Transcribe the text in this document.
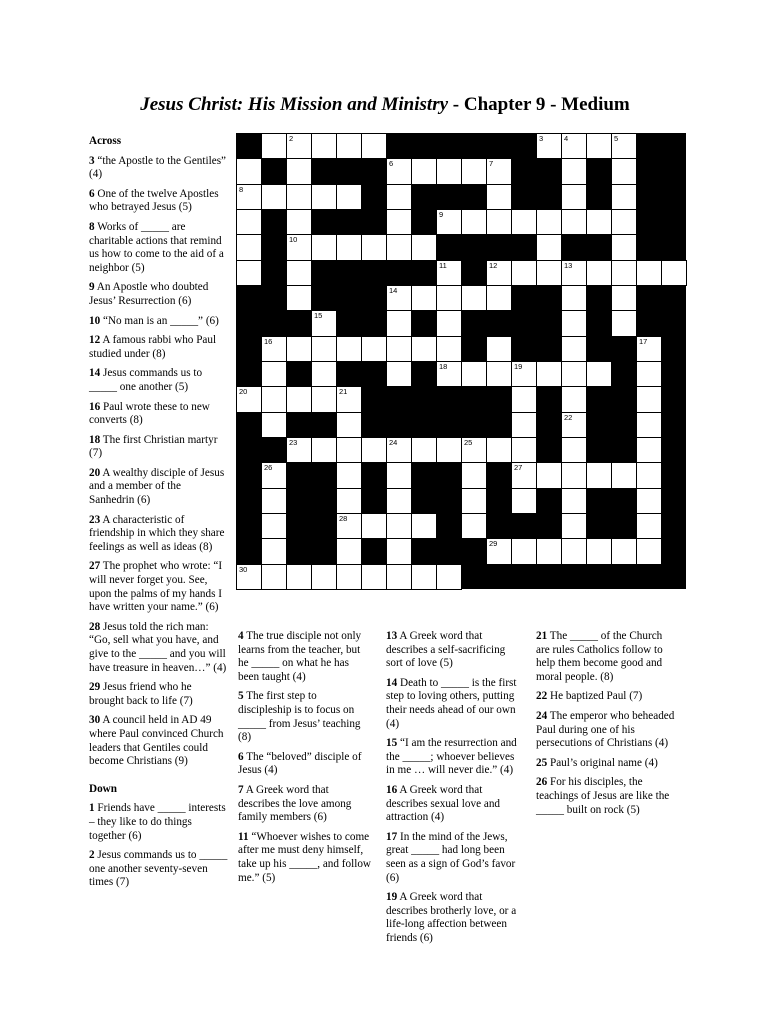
Jesus Christ: His Mission and Ministry - Chapter 9 - Medium
Across
3 “the Apostle to the Gentiles” (4)
6 One of the twelve Apostles who betrayed Jesus (5)
8 Works of _____ are charitable actions that remind us how to come to the aid of a neighbor (5)
9 An Apostle who doubted Jesus’ Resurrection (6)
10 “No man is an _____” (6)
12 A famous rabbi who Paul studied under (8)
14 Jesus commands us to _____ one another (5)
16 Paul wrote these to new converts (8)
18 The first Christian martyr (7)
20 A wealthy disciple of Jesus and a member of the Sanhedrin (6)
23 A characteristic of friendship in which they share feelings as well as ideas (8)
27 The prophet who wrote: “I will never forget you. See, upon the palms of my hands I have written your name.” (6)
28 Jesus told the rich man: “Go, sell what you have, and give to the _____ and you will have treasure in heaven…” (4)
29 Jesus friend who he brought back to life (7)
30 A council held in AD 49 where Paul convinced Church leaders that Gentiles could become Christians (9)
Down
1 Friends have _____ interests – they like to do things together (6)
2 Jesus commands us to _____ one another seventy-seven times (7)
4 The true disciple not only learns from the teacher, but he _____ on what he has been taught (4)
5 The first step to discipleship is to focus on _____ from Jesus’ teaching (8)
6 The “beloved” disciple of Jesus (4)
7 A Greek word that describes the love among family members (6)
11 “Whoever wishes to come after me must deny himself, take up his _____, and follow me.” (5)
13 A Greek word that describes a self-sacrificing sort of love (5)
14 Death to _____ is the first step to loving others, putting their needs ahead of our own (4)
15 “I am the resurrection and the _____; whoever believes in me … will never die.” (4)
16 A Greek word that describes sexual love and attraction (4)
17 In the mind of the Jews, great _____ had long been seen as a sign of God’s favor (6)
19 A Greek word that describes brotherly love, or a life-long affection between friends (6)
21 The _____ of the Church are rules Catholics follow to help them become good and moral people. (8)
22 He baptized Paul (7)
24 The emperor who beheaded Paul during one of his persecutions of Christians (4)
25 Paul’s original name (4)
26 For his disciples, the teachings of Jesus are like the _____ built on rock (5)
2	3	4	5
6	7
8
9
10
11	12	13
14
15
16	17
18	19
20	21
22
23	24	25
26	27
28
29
30
